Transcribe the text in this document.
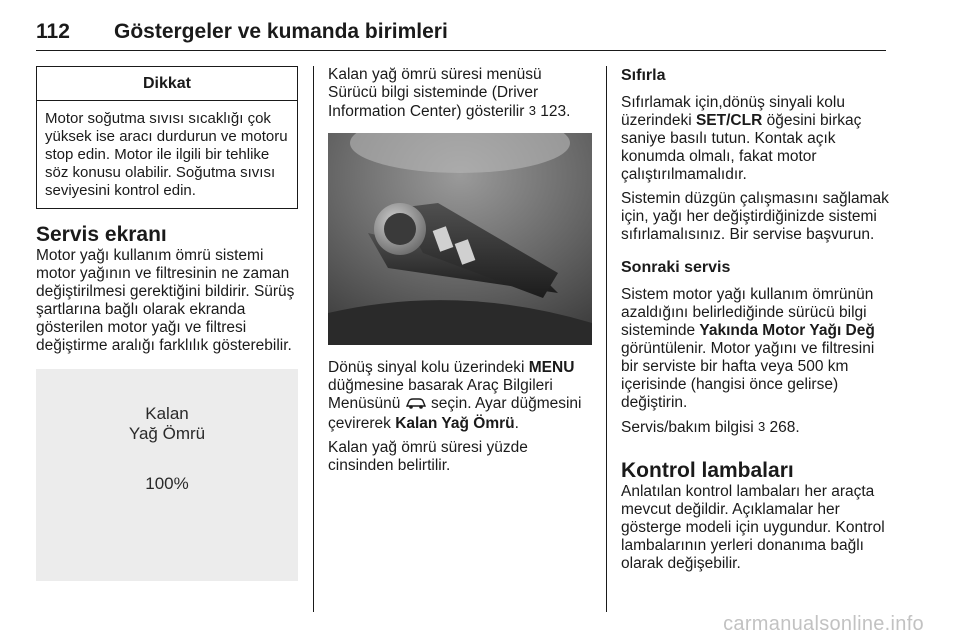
112 Göstergeler ve kumanda birimleri
Dikkat
Motor soğutma sıvısı sıcaklığı çok yüksek ise aracı durdurun ve motoru stop edin. Motor ile ilgili bir tehlike söz konusu olabilir. Soğutma sıvısı seviyesini kontrol edin.
Servis ekranı

Motor yağı kullanım ömrü sistemi motor yağının ve filtresinin ne zaman değiştirilmesi gerektiğini bildirir. Sürüş şartlarına bağlı olarak ekranda gösterilen motor yağı ve filtresi değiştirme aralığı farklılık gösterebilir.

Kalan
Yağ Ömrü
100%

Kalan yağ ömrü süresi menüsü Sürücü bilgi sisteminde (Driver Information Center) gösterilir 3 123.

Dönüş sinyal kolu üzerindeki MENU düğmesine basarak Araç Bilgileri Menüsünü  seçin. Ayar düğmesini çevirerek Kalan Yağ Ömrü.

Kalan yağ ömrü süresi yüzde cinsinden belirtilir.

Sıfırla

Sıfırlamak için,dönüş sinyali kolu üzerindeki SET/CLR öğesini birkaç saniye basılı tutun. Kontak açık konumda olmalı, fakat motor çalıştırılmamalıdır.

Sistemin düzgün çalışmasını sağlamak için, yağı her değiştirdiğinizde sistemi sıfırlamalısınız. Bir servise başvurun.

Sonraki servis

Sistem motor yağı kullanım ömrünün azaldığını belirlediğinde sürücü bilgi sisteminde Yakında Motor Yağı Değ görüntülenir. Motor yağını ve filtresini bir serviste bir hafta veya 500 km içerisinde (hangisi önce gelirse) değiştirin.

Servis/bakım bilgisi 3 268.

Kontrol lambaları

Anlatılan kontrol lambaları her araçta mevcut değildir. Açıklamalar her gösterge modeli için uygundur. Kontrol lambalarının yerleri donanıma bağlı olarak değişebilir.

carmanualsonline.info
